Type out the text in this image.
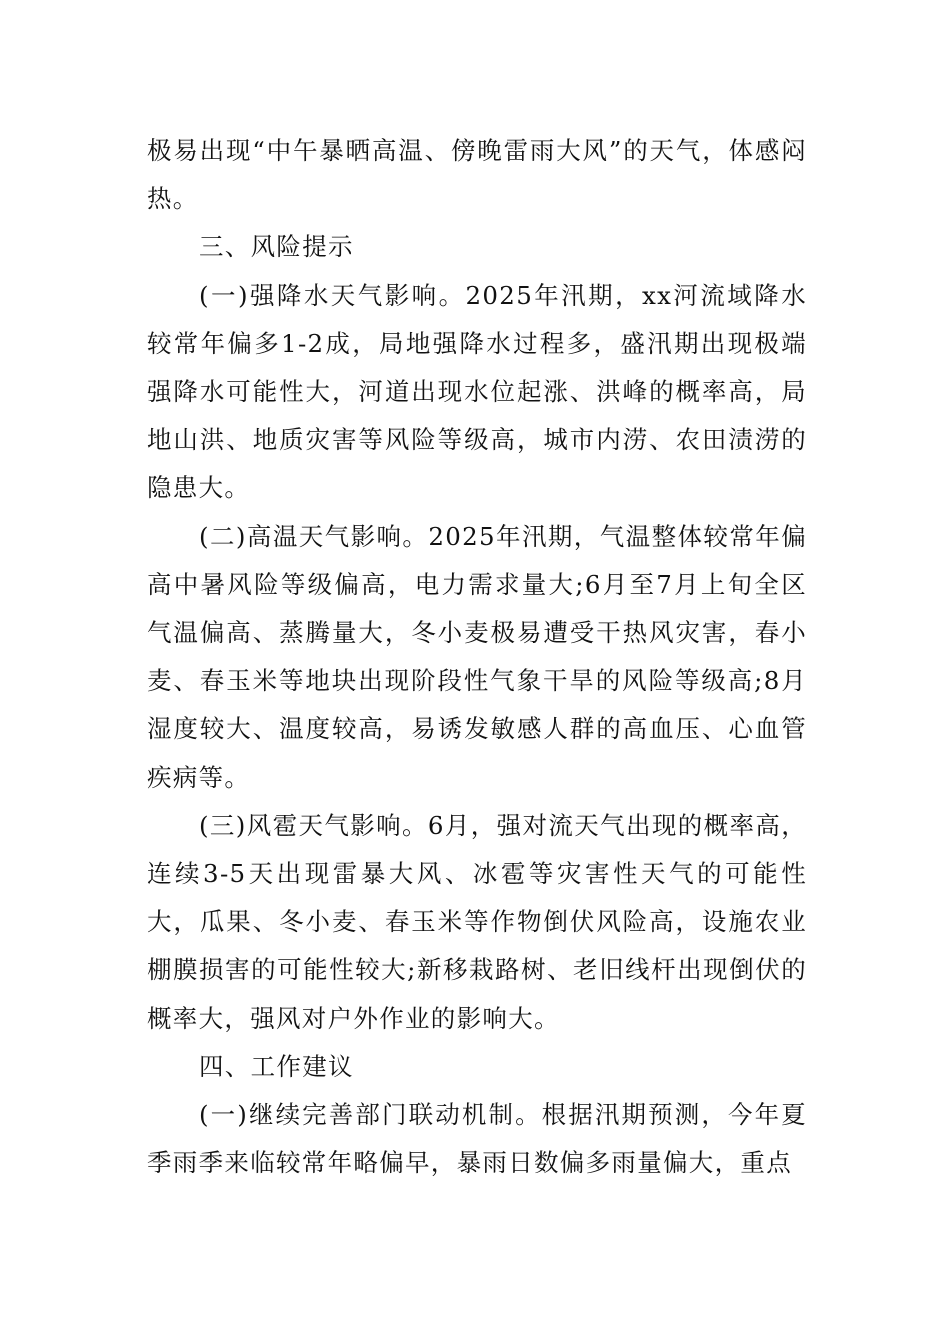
极易出现“中午暴晒高温、傍晚雷雨大风”的天气，体感闷热。

三、风险提示

(一)强降水天气影响。2025年汛期，xx河流域降水较常年偏多1-2成，局地强降水过程多，盛汛期出现极端强降水可能性大，河道出现水位起涨、洪峰的概率高，局地山洪、地质灾害等风险等级高，城市内涝、农田渍涝的隐患大。

(二)高温天气影响。2025年汛期，气温整体较常年偏高中暑风险等级偏高，电力需求量大;6月至7月上旬全区气温偏高、蒸腾量大，冬小麦极易遭受干热风灾害，春小麦、春玉米等地块出现阶段性气象干旱的风险等级高;8月湿度较大、温度较高，易诱发敏感人群的高血压、心血管疾病等。

(三)风雹天气影响。6月，强对流天气出现的概率高，连续3-5天出现雷暴大风、冰雹等灾害性天气的可能性大，瓜果、冬小麦、春玉米等作物倒伏风险高，设施农业棚膜损害的可能性较大;新移栽路树、老旧线杆出现倒伏的概率大，强风对户外作业的影响大。

四、工作建议

(一)继续完善部门联动机制。根据汛期预测，今年夏季雨季来临较常年略偏早，暴雨日数偏多雨量偏大，重点
